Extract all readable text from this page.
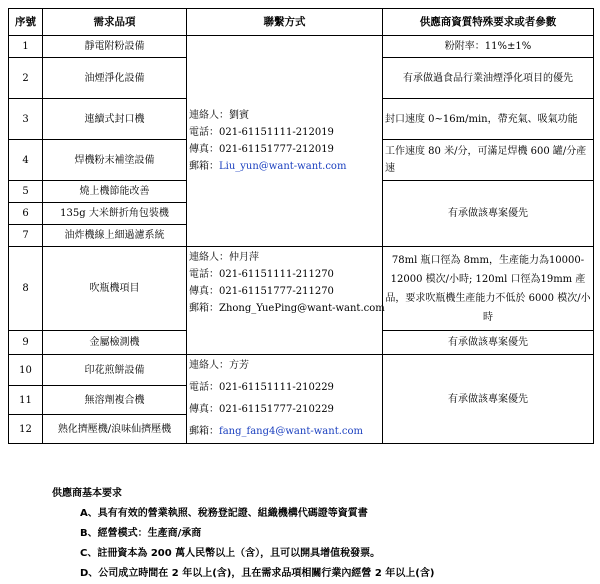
序號	需求品項	聯繫方式	供應商資質特殊要求或者參數
1	靜電附粉設備	連絡人：劉賓
電話：021-61151111-212019
傳真：021-61151777-212019
郵箱：Liu_yun@want-want.com	粉附率：11%±1%
2	油煙淨化設備		有承做過食品行業油煙淨化項目的優先
3	連續式封口機		封口速度 0~16m/min，帶充氣、吸氣功能
4	焊機粉末補塗設備		工作速度 80 米/分，可滿足焊機 600 罐/分產速
5	燒上機節能改善		有承做該專案優先
6	135g 大米餅折角包裝機		
7	油炸機線上細過濾系統		
8	吹瓶機項目	連絡人：仲月萍
電話：021-61151111-211270
傳真：021-61151777-211270
郵箱：Zhong_YuePing@want-want.com	78ml 瓶口徑為 8mm，生產能力為10000-12000 模次/小時; 120ml 口徑為19mm 產品，要求吹瓶機生產能力不低於 6000 模次/小時
9	金屬檢測機		有承做該專案優先
10	印花煎餅設備	連絡人：方芳
電話：021-61151111-210229
傳真：021-61151777-210229
郵箱：fang_fang4@want-want.com	有承做該專案優先
11	無溶劑複合機		
12	熟化擠壓機/浪味仙擠壓機		
供應商基本要求
A、具有有效的營業執照、稅務登記證、組織機構代碼證等資質書
B、經營模式：生產商/承商
C、註冊資本為 200 萬人民幣以上（含），且可以開具增值稅發票。
D、公司成立時間在 2 年以上(含)，且在需求品項相關行業內經營 2 年以上(含)
